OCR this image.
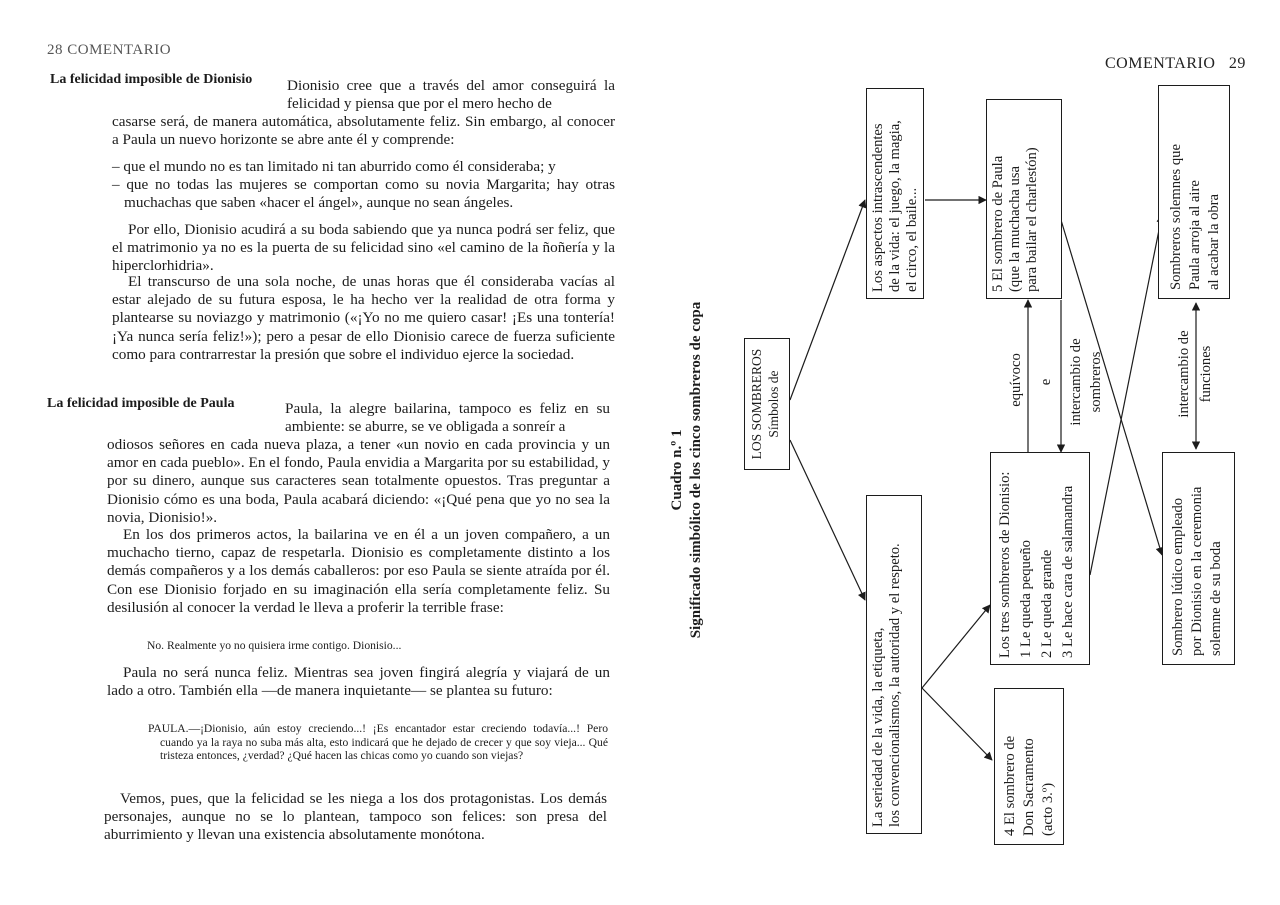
28 COMENTARIO
La felicidad imposible de Dionisio Dionisio cree que a través del amor conseguirá la felicidad y piensa que por el mero hecho de

casarse será, de manera automática, absolutamente feliz. Sin embargo, al conocer a Paula un nuevo horizonte se abre ante él y comprende:

– que el mundo no es tan limitado ni tan aburrido como él consideraba; y

– que no todas las mujeres se comportan como su novia Margarita; hay otras muchachas que saben «hacer el ángel», aunque no sean ángeles.

Por ello, Dionisio acudirá a su boda sabiendo que ya nunca podrá ser feliz, que el matrimonio ya no es la puerta de su felicidad sino «el camino de la ñoñería y la hiperclorhidria».

El transcurso de una sola noche, de unas horas que él consideraba vacías al estar alejado de su futura esposa, le ha hecho ver la realidad de otra forma y plantearse su noviazgo y matrimonio («¡Yo no me quiero casar! ¡Es una tontería! ¡Ya nunca sería feliz!»); pero a pesar de ello Dionisio carece de fuerza suficiente como para contrarrestar la presión que sobre el individuo ejerce la sociedad.

La felicidad imposible de Paula	Paula, la alegre bailarina, tampoco es feliz en su ambiente: se aburre, se ve obligada a sonreír a

odiosos señores en cada nueva plaza, a tener «un novio en cada provincia y un amor en cada pueblo». En el fondo, Paula envidia a Margarita por su estabilidad, y por su dinero, aunque sus caracteres sean totalmente opuestos. Tras preguntar a Dionisio cómo es una boda, Paula acabará diciendo: «¡Qué pena que yo no sea la novia, Dionisio!».

En los dos primeros actos, la bailarina ve en él a un joven compañero, a un muchacho tierno, capaz de respetarla. Dionisio es completamente distinto a los demás compañeros y a los demás caballeros: por eso Paula se siente atraída por él. Con ese Dionisio forjado en su imaginación ella sería completamente feliz. Su desilusión al conocer la verdad le lleva a proferir la terrible frase:

No. Realmente yo no quisiera irme contigo. Dionisio...

Paula no será nunca feliz. Mientras sea joven fingirá alegría y viajará de un lado a otro. También ella —de manera inquietante— se plantea su futuro:

PAULA.—¡Dionisio, aún estoy creciendo...! ¡Es encantador estar creciendo todavía...! Pero cuando ya la raya no suba más alta, esto indicará que he dejado de crecer y que soy vieja... Qué tristeza entonces, ¿verdad? ¿Qué hacen las chicas como yo cuando son viejas?

Vemos, pues, que la felicidad se les niega a los dos protagonistas. Los demás personajes, aunque no se lo plantean, tampoco son felices: son presa del aburrimiento y llevan una existencia absolutamente monótona.

COMENTARIO   29
Cuadro n.º 1 Significado simbólico de los cinco sombreros de copa	LOS SOMBREROS Símbolos de
Los aspectos intrascendentes de la vida: el juego, la magia, el circo, el baile...
La seriedad de la vida, la etiqueta, los convencionalismos, la autoridad y el respeto.
5 El sombrero de Paula (que la muchacha usa para bailar el charlestón)
Los tres sombreros de Dionisio: 1 Le queda pequeño 2 Le queda grande 3 Le hace cara de salamandra
4 El sombrero de Don Sacramento (acto 3.º)
Sombreros solemnes que Paula arroja al aire al acabar la obra
Sombrero lúdico empleado por Dionisio en la ceremonia solemne de su boda
equívoco e intercambio de sombreros	intercambio de funciones
